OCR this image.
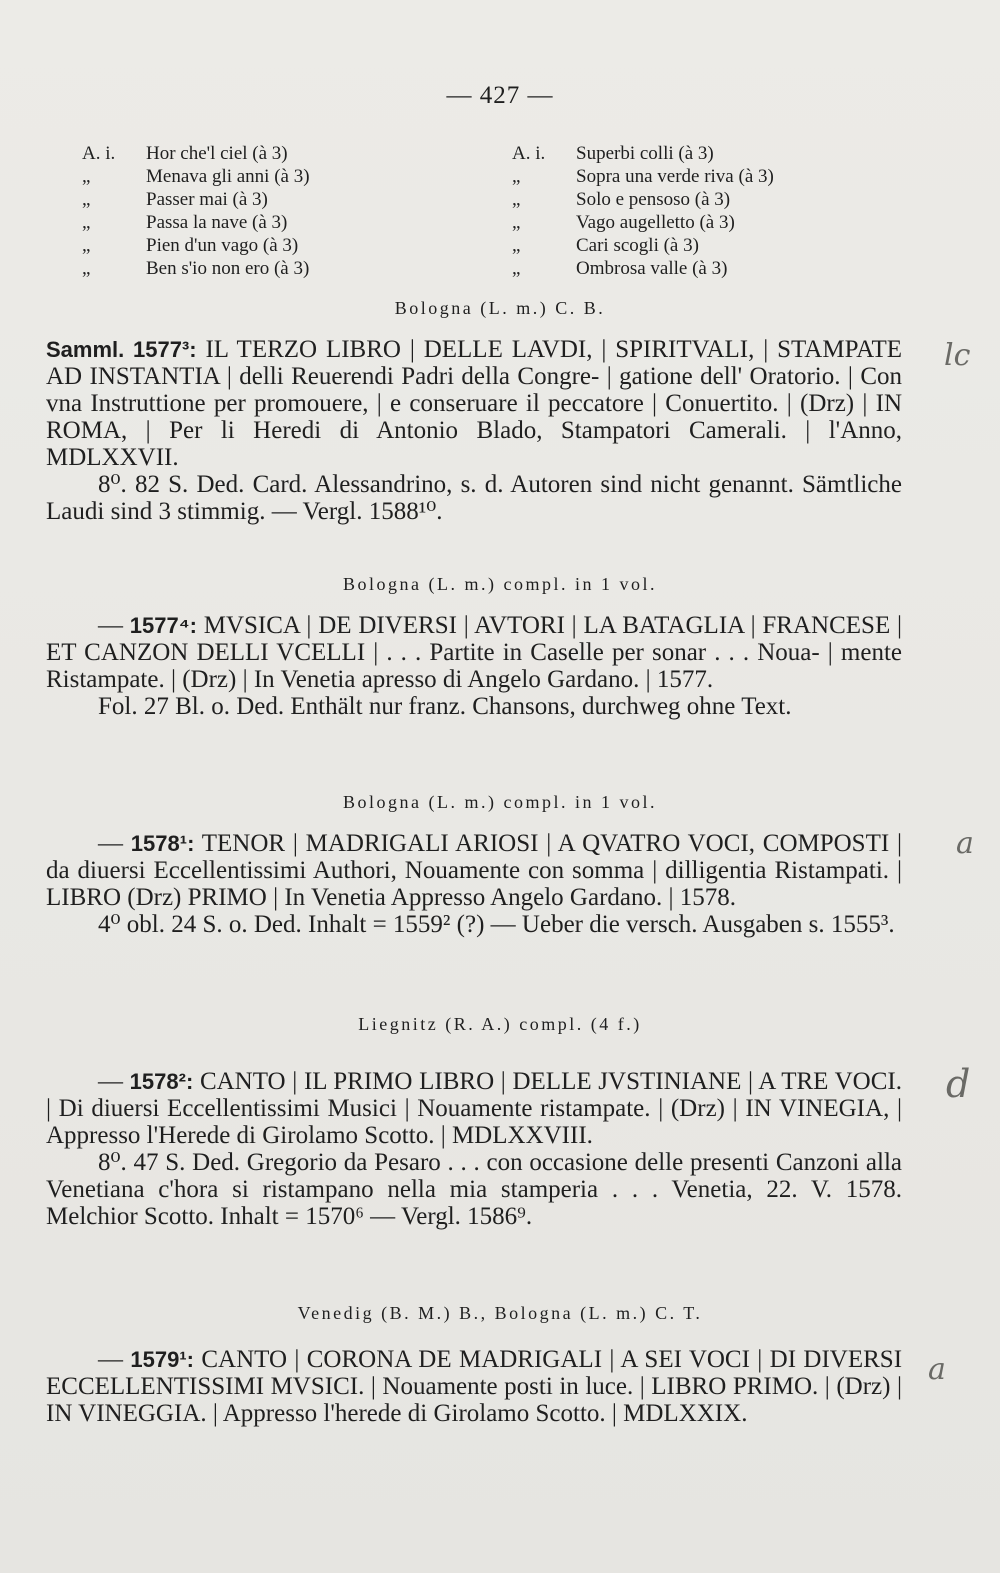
— 427 —
A. i.	Hor che'l ciel (à 3)
„	Menava gli anni (à 3)
„	Passer mai (à 3)
„	Passa la nave (à 3)
„	Pien d'un vago (à 3)
„	Ben s'io non ero (à 3)
A. i.	Superbi colli (à 3)
„	Sopra una verde riva (à 3)
„	Solo e pensoso (à 3)
„	Vago augelletto (à 3)
„	Cari scogli (à 3)
„	Ombrosa valle (à 3)
Bologna (L. m.) C. B.

Samml. 1577³: IL TERZO LIBRO | DELLE LAVDI, | SPIRITVALI, | STAMPATE AD INSTANTIA | delli Reuerendi Padri della Congre- | gatione dell' Oratorio. | Con vna Instruttione per promouere, | e conseruare il peccatore | Conuertito. | (Drz) | IN ROMA, | Per li Heredi di Antonio Blado, Stampatori Camerali. | l'Anno, MDLXXVII.

8⁰. 82 S. Ded. Card. Alessandrino, s. d. Autoren sind nicht genannt. Sämtliche Laudi sind 3 stimmig. — Vergl. 1588¹⁰.

Bologna (L. m.) compl. in 1 vol.

— 1577⁴: MVSICA | DE DIVERSI | AVTORI | LA BATAGLIA | FRANCESE | ET CANZON DELLI VCELLI | . . . Partite in Caselle per sonar . . . Noua- | mente Ristampate. | (Drz) | In Venetia apresso di Angelo Gardano. | 1577.

Fol. 27 Bl. o. Ded. Enthält nur franz. Chansons, durchweg ohne Text.

Bologna (L. m.) compl. in 1 vol.

— 1578¹: TENOR | MADRIGALI ARIOSI | A QVATRO VOCI, COMPOSTI | da diuersi Eccellentissimi Authori, Nouamente con somma | dilligentia Ristampati. | LIBRO (Drz) PRIMO | In Venetia Appresso Angelo Gardano. | 1578.

4⁰ obl. 24 S. o. Ded. Inhalt = 1559² (?) — Ueber die versch. Ausgaben s. 1555³.

Liegnitz (R. A.) compl. (4 f.)

— 1578²: CANTO | IL PRIMO LIBRO | DELLE JVSTINIANE | A TRE VOCI. | Di diuersi Eccellentissimi Musici | Nouamente ristampate. | (Drz) | IN VINEGIA, | Appresso l'Herede di Girolamo Scotto. | MDLXXVIII.

8⁰. 47 S. Ded. Gregorio da Pesaro . . . con occasione delle presenti Canzoni alla Venetiana c'hora si ristampano nella mia stamperia . . . Venetia, 22. V. 1578. Melchior Scotto. Inhalt = 1570⁶ — Vergl. 1586⁹.

Venedig (B. M.) B., Bologna (L. m.) C. T.

— 1579¹: CANTO | CORONA DE MADRIGALI | A SEI VOCI | DI DIVERSI ECCELLENTISSIMI MVSICI. | Nouamente posti in luce. | LIBRO PRIMO. | (Drz) | IN VINEGGIA. | Appresso l'herede di Girolamo Scotto. | MDLXXIX.

lc
a
d
a
